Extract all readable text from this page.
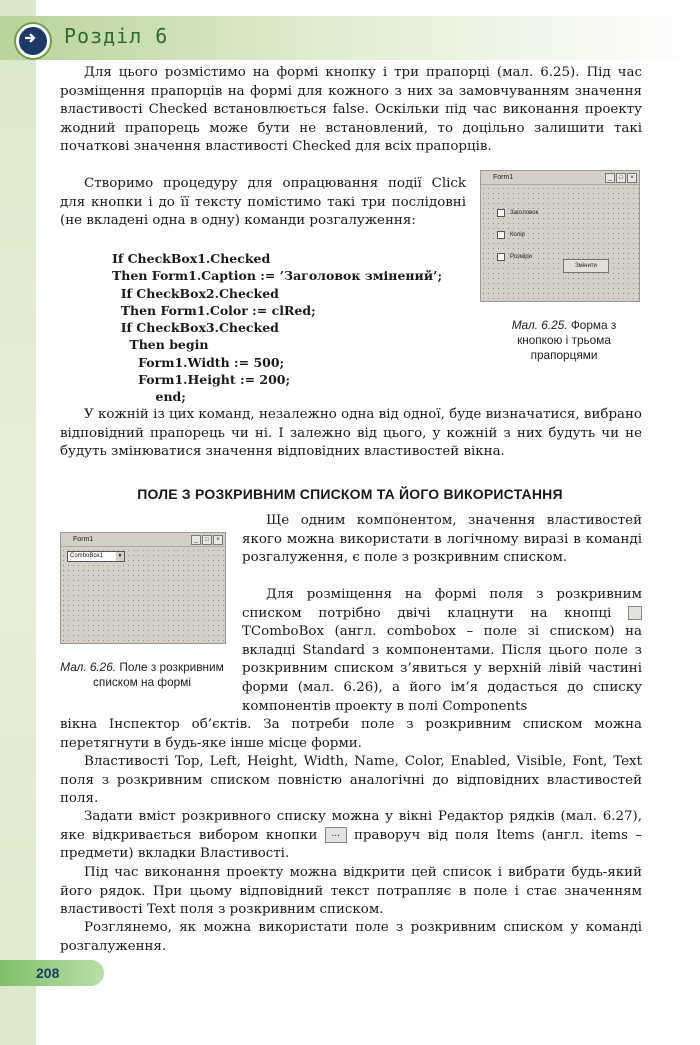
Розділ 6

Для цього розмістимо на формі кнопку і три прапорці (мал. 6.25). Під час розміщення прапорців на формі для кожного з них за замовчуванням значення властивості Checked встановлюється false. Оскільки під час виконання проекту жодний прапорець може бути не встановлений, то доцільно залишити такі початкові значення властивості Checked для всіх прапорців.

Створимо процедуру для опрацювання події Click для кнопки і до її тексту помістимо такі три послідовні (не вкладені одна в одну) команди розгалуження:

If CheckBox1.Checked
Then Form1.Caption := ’Заголовок змінений’;
If CheckBox2.Checked
Then Form1.Color := clRed;
If CheckBox3.Checked
Then begin
Form1.Width := 500;
Form1.Height := 200;
end;
Form1	_	□	×
Заголовок
Колір
Розміри
Змінити
Мал. 6.25. Форма з кнопкою і трьома прапорцями

У кожній із цих команд, незалежно одна від одної, буде визначатися, вибрано відповідний прапорець чи ні. І залежно від цього, у кожній з них будуть чи не будуть змінюватися значення відповідних властивостей вікна.

ПОЛЕ З РОЗКРИВНИМ СПИСКОМ ТА ЙОГО ВИКОРИСТАННЯ
Form1	_	□	×
ComboBox1	▼
Мал. 6.26. Поле з розкривним списком на формі

Ще одним компонентом, значення властивостей якого можна використати в логічному виразі в команді розгалуження, є поле з розкривним списком.

Для розміщення на формі поля з розкривним списком потрібно двічі клацнути на кнопці  TComboBox (англ. combobox – поле зі списком) на вкладці Standard з компонентами. Після цього поле з розкривним списком з’явиться у верхній лівій частині форми (мал. 6.26), а його ім’я додасться до списку компонентів проекту в полі Components

вікна Інспектор об’єктів. За потреби поле з розкривним списком можна перетягнути в будь-яке інше місце форми.

Властивості Top, Left, Height, Width, Name, Color, Enabled, Visible, Font, Text поля з розкривним списком повністю аналогічні до відповідних властивостей поля.

Задати вміст розкривного списку можна у вікні Редактор рядків (мал. 6.27), яке відкривається вибором кнопки ... праворуч від поля Items (англ. items – предмети) вкладки Властивості.

Під час виконання проекту можна відкрити цей список і вибрати будь-який його рядок. При цьому відповідний текст потрапляє в поле і стає значенням властивості Text поля з розкривним списком.

Розглянемо, як можна використати поле з розкривним списком у команді розгалуження.

208
